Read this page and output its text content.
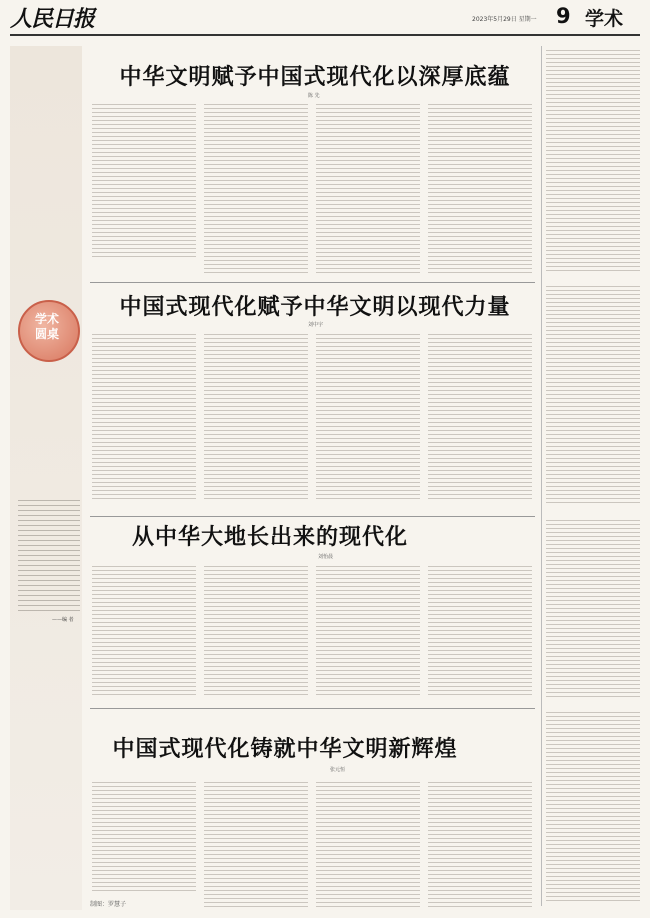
人民日报	2023年5月29日 星期一 9 学术
学术
圆桌
——编 者
制图：罗慧子
中华文明赋予中国式现代化以深厚底蕴
陈 先
中国式现代化赋予中华文明以现代力量
刘中宇
从中华大地长出来的现代化
刘怡晨
中国式现代化铸就中华文明新辉煌
张元恒
